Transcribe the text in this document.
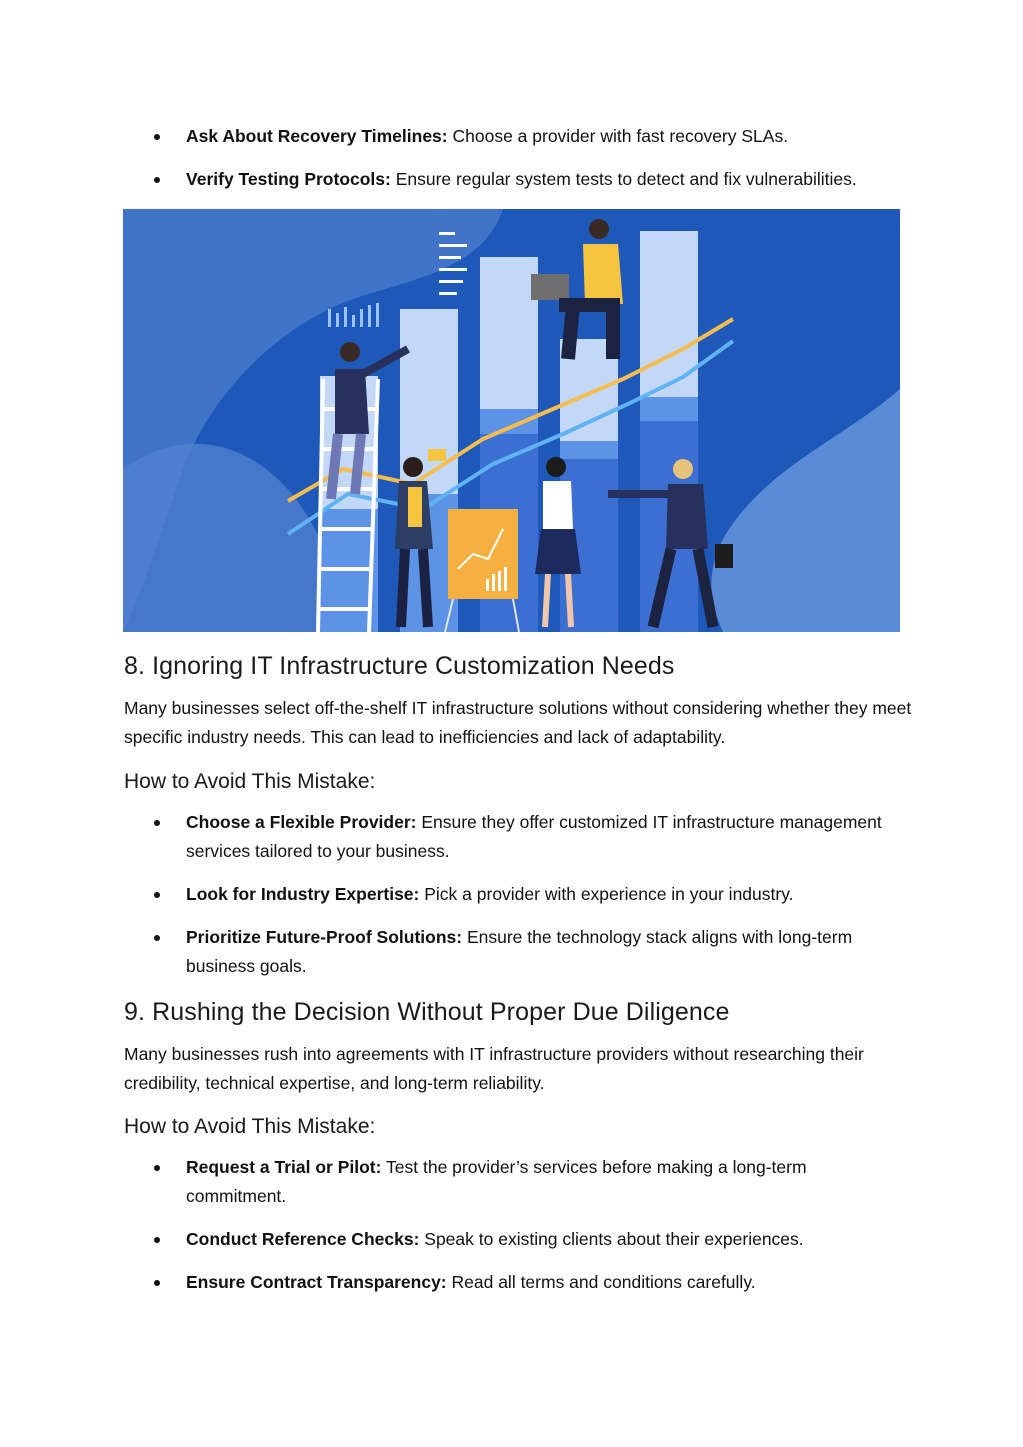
Ask About Recovery Timelines: Choose a provider with fast recovery SLAs.
Verify Testing Protocols: Ensure regular system tests to detect and fix vulnerabilities.
8. Ignoring IT Infrastructure Customization Needs

Many businesses select off-the-shelf IT infrastructure solutions without considering whether they meet specific industry needs. This can lead to inefficiencies and lack of adaptability.

How to Avoid This Mistake:
Choose a Flexible Provider: Ensure they offer customized IT infrastructure management services tailored to your business.
Look for Industry Expertise: Pick a provider with experience in your industry.
Prioritize Future-Proof Solutions: Ensure the technology stack aligns with long-term business goals.
9. Rushing the Decision Without Proper Due Diligence

Many businesses rush into agreements with IT infrastructure providers without researching their credibility, technical expertise, and long-term reliability.

How to Avoid This Mistake:
Request a Trial or Pilot: Test the provider’s services before making a long-term commitment.
Conduct Reference Checks: Speak to existing clients about their experiences.
Ensure Contract Transparency: Read all terms and conditions carefully.
